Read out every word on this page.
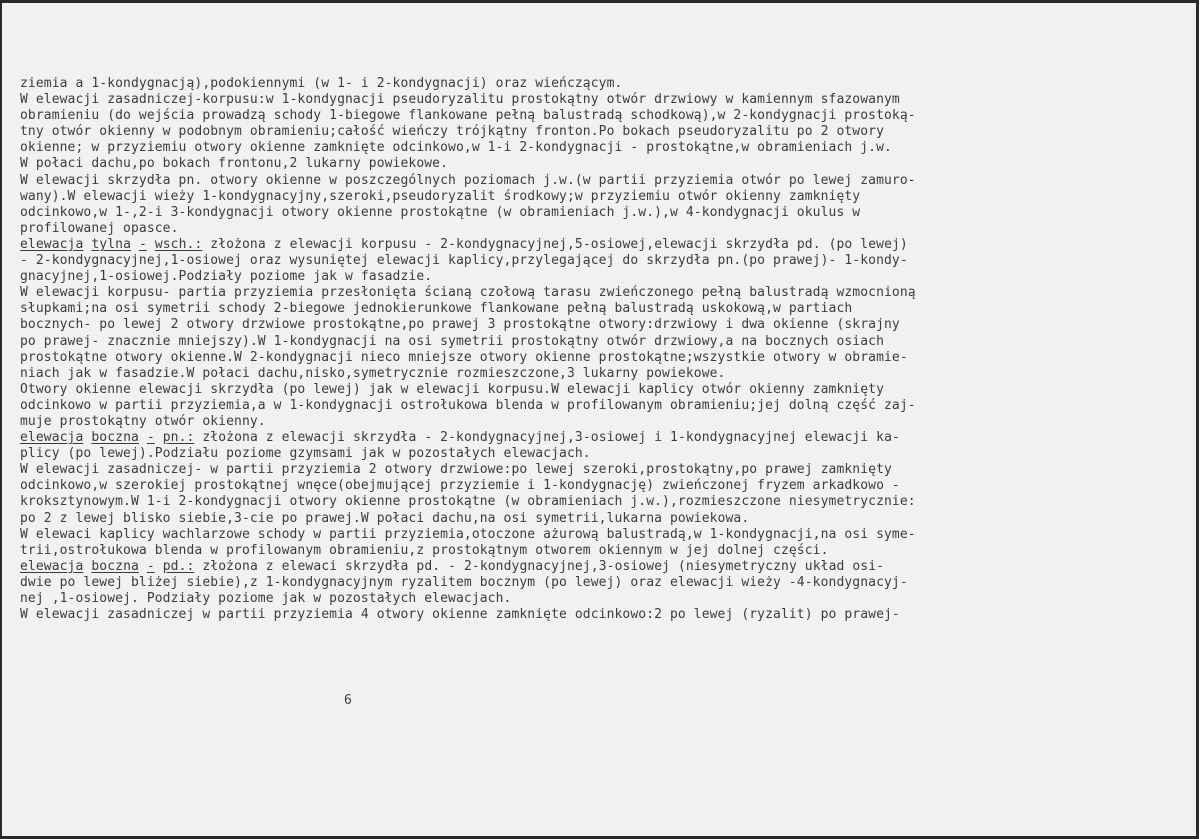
ziemia a 1-kondygnacją),podokiennymi (w 1- i 2-kondygnacji) oraz wieńczącym.
W elewacji zasadniczej-korpusu:w 1-kondygnacji pseudoryzalitu prostokątny otwór drzwiowy w kamiennym sfazowanym
obramieniu (do wejścia prowadzą schody 1-biegowe flankowane pełną balustradą schodkową),w 2-kondygnacji prostoką-
tny otwór okienny w podobnym obramieniu;całość wieńczy trójkątny fronton.Po bokach pseudoryzalitu po 2 otwory
okienne; w przyziemiu otwory okienne zamknięte odcinkowo,w 1-i 2-kondygnacji - prostokątne,w obramieniach j.w.
W połaci dachu,po bokach frontonu,2 lukarny powiekowe.
W elewacji skrzydła pn. otwory okienne w poszczególnych poziomach j.w.(w partii przyziemia otwór po lewej zamuro-
wany).W elewacji wieży 1-kondygnacyjny,szeroki,pseudoryzalit środkowy;w przyziemiu otwór okienny zamknięty
odcinkowo,w 1-,2-i 3-kondygnacji otwory okienne prostokątne (w obramieniach j.w.),w 4-kondygnacji okulus w
profilowanej opasce.
elewacja tylna - wsch.: złożona z elewacji korpusu - 2-kondygnacyjnej,5-osiowej,elewacji skrzydła pd. (po lewej)
- 2-kondygnacyjnej,1-osiowej oraz wysuniętej elewacji kaplicy,przylegającej do skrzydła pn.(po prawej)- 1-kondy-
gnacyjnej,1-osiowej.Podziały poziome jak w fasadzie.
W elewacji korpusu- partia przyziemia przesłonięta ścianą czołową tarasu zwieńczonego pełną balustradą wzmocnioną
słupkami;na osi symetrii schody 2-biegowe jednokierunkowe flankowane pełną balustradą uskokową,w partiach
bocznych- po lewej 2 otwory drzwiowe prostokątne,po prawej 3 prostokątne otwory:drzwiowy i dwa okienne (skrajny
po prawej- znacznie mniejszy).W 1-kondygnacji na osi symetrii prostokątny otwór drzwiowy,a na bocznych osiach
prostokątne otwory okienne.W 2-kondygnacji nieco mniejsze otwory okienne prostokątne;wszystkie otwory w obramie-
niach jak w fasadzie.W połaci dachu,nisko,symetrycznie rozmieszczone,3 lukarny powiekowe.
Otwory okienne elewacji skrzydła (po lewej) jak w elewacji korpusu.W elewacji kaplicy otwór okienny zamknięty
odcinkowo w partii przyziemia,a w 1-kondygnacji ostrołukowa blenda w profilowanym obramieniu;jej dolną część zaj-
muje prostokątny otwór okienny.
elewacja boczna - pn.: złożona z elewacji skrzydła - 2-kondygnacyjnej,3-osiowej i 1-kondygnacyjnej elewacji ka-
plicy (po lewej).Podziału poziome gzymsami jak w pozostałych elewacjach.
W elewacji zasadniczej- w partii przyziemia 2 otwory drzwiowe:po lewej szeroki,prostokątny,po prawej zamknięty
odcinkowo,w szerokiej prostokątnej wnęce(obejmującej przyziemie i 1-kondygnację) zwieńczonej fryzem arkadkowo -
kroksztynowym.W 1-i 2-kondygnacji otwory okienne prostokątne (w obramieniach j.w.),rozmieszczone niesymetrycznie:
po 2 z lewej blisko siebie,3-cie po prawej.W połaci dachu,na osi symetrii,lukarna powiekowa.
W elewaci kaplicy wachlarzowe schody w partii przyziemia,otoczone ażurową balustradą,w 1-kondygnacji,na osi syme-
trii,ostrołukowa blenda w profilowanym obramieniu,z prostokątnym otworem okiennym w jej dolnej części.
elewacja boczna - pd.: złożona z elewaci skrzydła pd. - 2-kondygnacyjnej,3-osiowej (niesymetryczny układ osi-
dwie po lewej bliżej siebie),z 1-kondygnacyjnym ryzalitem bocznym (po lewej) oraz elewacji wieży -4-kondygnacyj-
nej ,1-osiowej. Podziały poziome jak w pozostałych elewacjach.
W elewacji zasadniczej w partii przyziemia 4 otwory okienne zamknięte odcinkowo:2 po lewej (ryzalit) po prawej-
6
